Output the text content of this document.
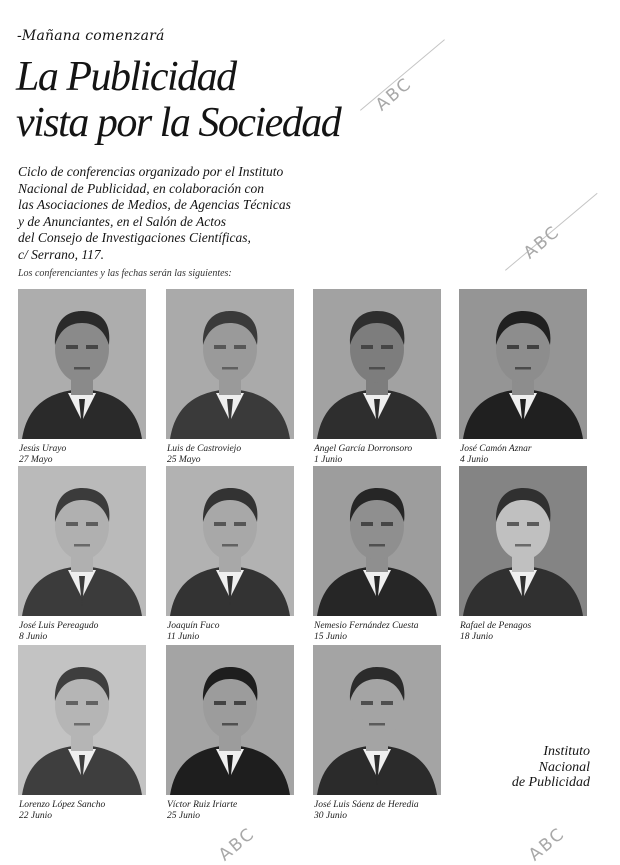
-Mañana comenzará
La Publicidad
vista por la Sociedad

Ciclo de conferencias organizado por el Instituto
Nacional de Publicidad, en colaboración con
las Asociaciones de Medios, de Agencias Técnicas
y de Anunciantes, en el Salón de Actos
del Consejo de Investigaciones Científicas,
c/ Serrano, 117.

Los conferenciantes y las fechas serán las siguientes:
Jesús Urayo
27 Mayo
Luis de Castroviejo
25 Mayo
Angel García Dorronsoro
1 Junio
José Camón Aznar
4 Junio
José Luis Pereagudo
8 Junio
Joaquín Fuco
11 Junio
Nemesio Fernández Cuesta
15 Junio
Rafael de Penagos
18 Junio
Lorenzo López Sancho
22 Junio
Víctor Ruiz Iriarte
25 Junio
José Luis Sáenz de Heredia
30 Junio
Instituto
Nacional
de Publicidad
ABC
ABC
ABC	ABC
